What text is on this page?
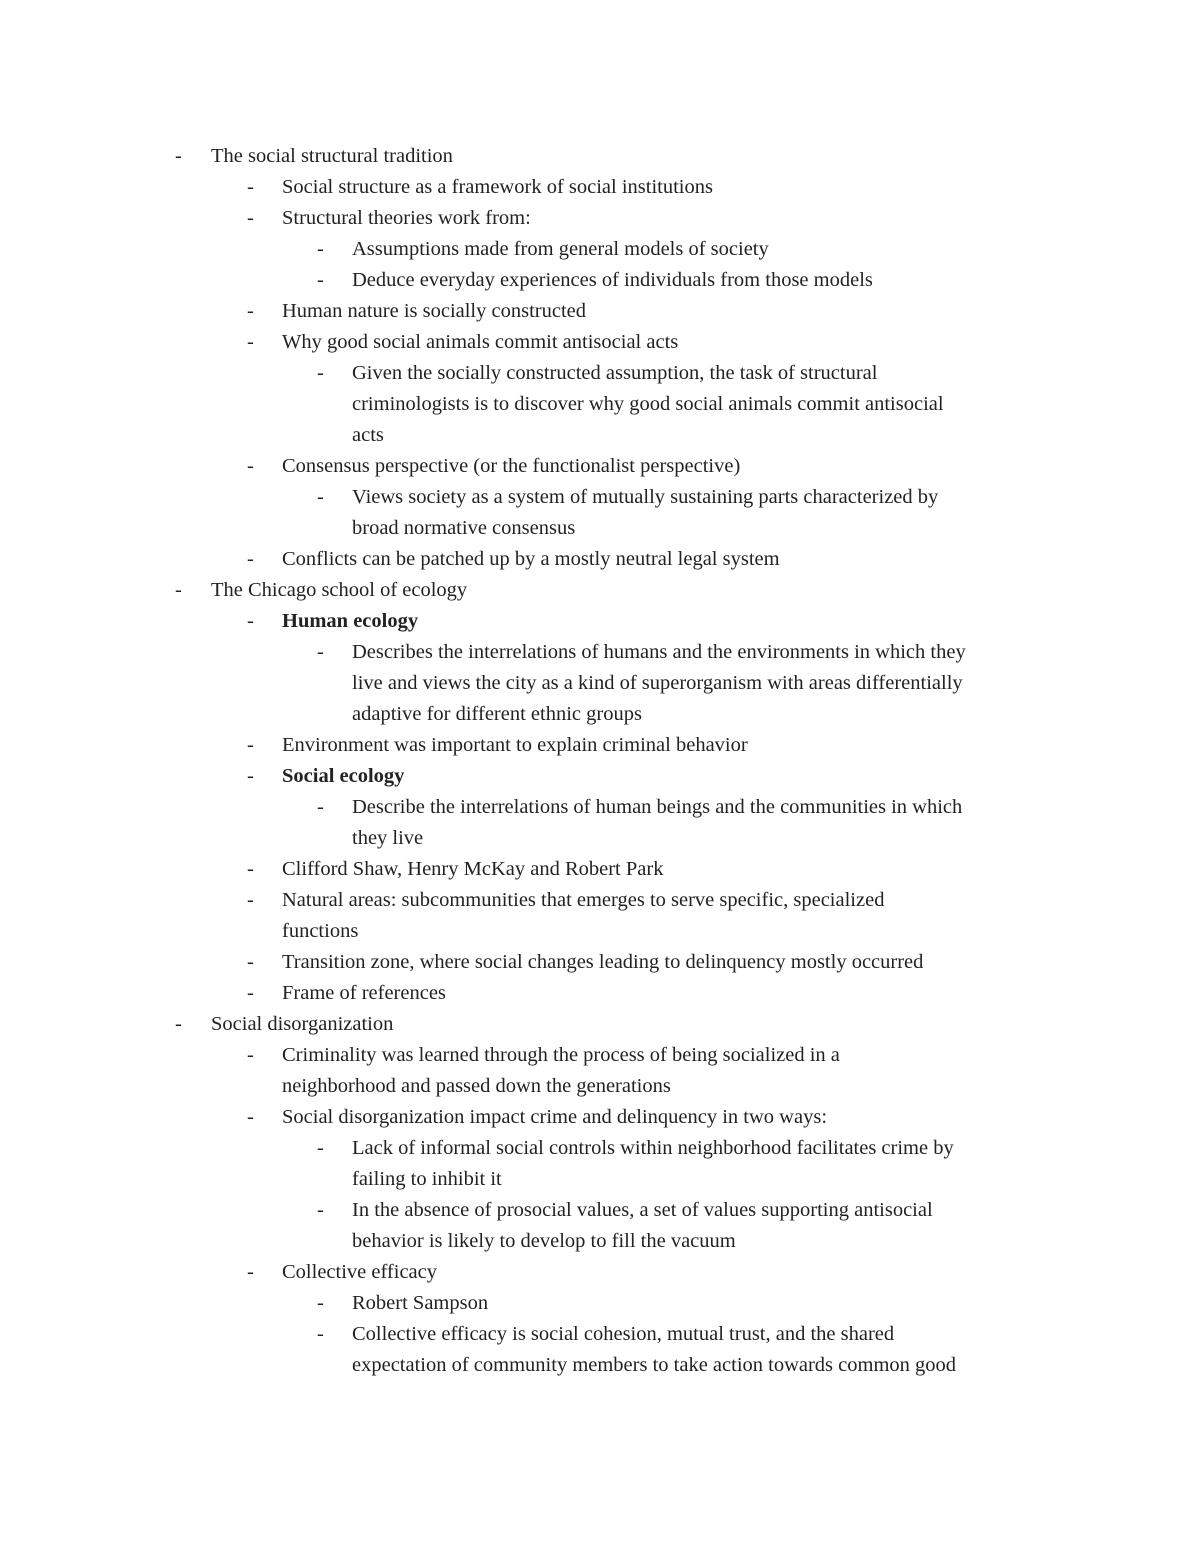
- The social structural tradition
- Social structure as a framework of social institutions
- Structural theories work from:
- Assumptions made from general models of society
- Deduce everyday experiences of individuals from those models
- Human nature is socially constructed
- Why good social animals commit antisocial acts
- Given the socially constructed assumption, the task of structural
criminologists is to discover why good social animals commit antisocial
acts
- Consensus perspective (or the functionalist perspective)
- Views society as a system of mutually sustaining parts characterized by
broad normative consensus
- Conflicts can be patched up by a mostly neutral legal system
- The Chicago school of ecology
- Human ecology
- Describes the interrelations of humans and the environments in which they
live and views the city as a kind of superorganism with areas differentially
adaptive for different ethnic groups
- Environment was important to explain criminal behavior
- Social ecology
- Describe the interrelations of human beings and the communities in which
they live
- Clifford Shaw, Henry McKay and Robert Park
- Natural areas: subcommunities that emerges to serve specific, specialized
functions
- Transition zone, where social changes leading to delinquency mostly occurred
- Frame of references
- Social disorganization
- Criminality was learned through the process of being socialized in a
neighborhood and passed down the generations
- Social disorganization impact crime and delinquency in two ways:
- Lack of informal social controls within neighborhood facilitates crime by
failing to inhibit it
- In the absence of prosocial values, a set of values supporting antisocial
behavior is likely to develop to fill the vacuum
- Collective efficacy
- Robert Sampson
- Collective efficacy is social cohesion, mutual trust, and the shared
expectation of community members to take action towards common good
